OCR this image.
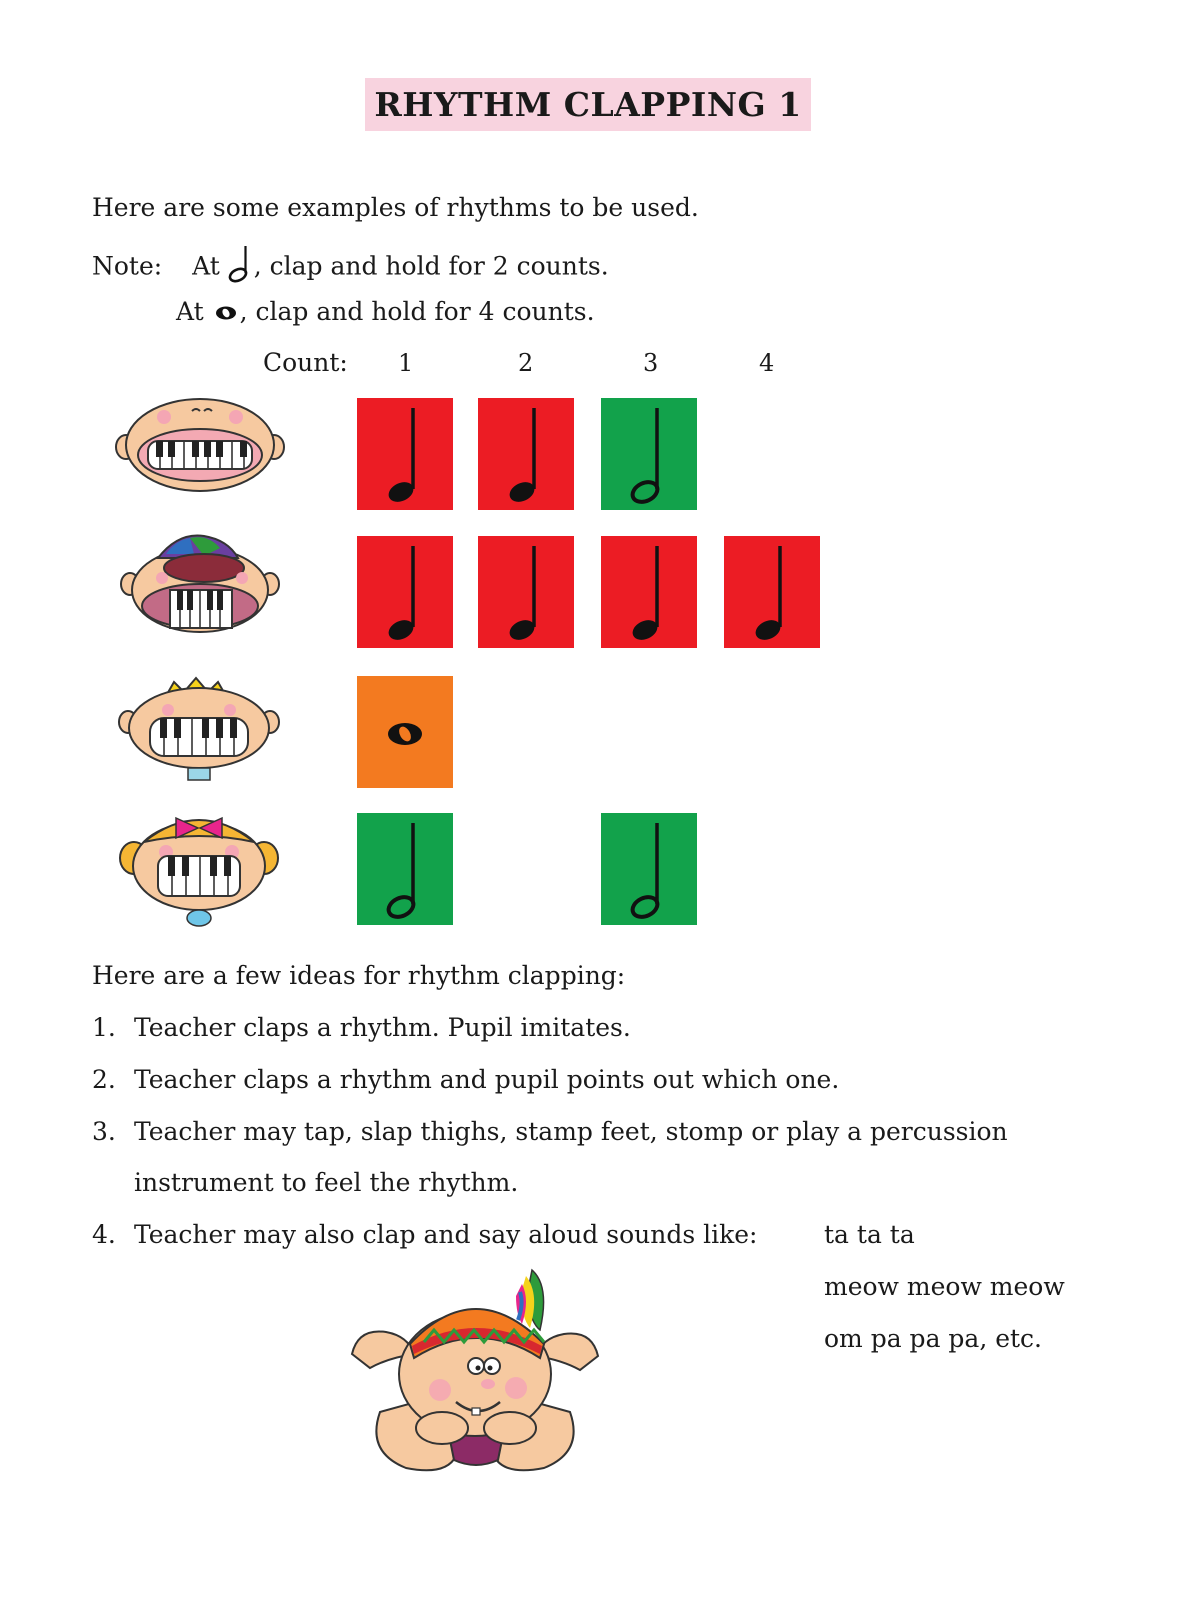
RHYTHM CLAPPING 1
Here are some examples of rhythms to be used.
Note: At , clap and hold for 2 counts.
At , clap and hold for 4 counts.
Count: 1	2	3	4
Here are a few ideas for rhythm clapping:
1. Teacher claps a rhythm. Pupil imitates.
2. Teacher claps a rhythm and pupil points out which one.
3. Teacher may tap, slap thighs, stamp feet, stomp or play a percussion
instrument to feel the rhythm.
4. Teacher may also clap and say aloud sounds like:	ta ta ta
meow meow meow
om pa pa pa, etc.
